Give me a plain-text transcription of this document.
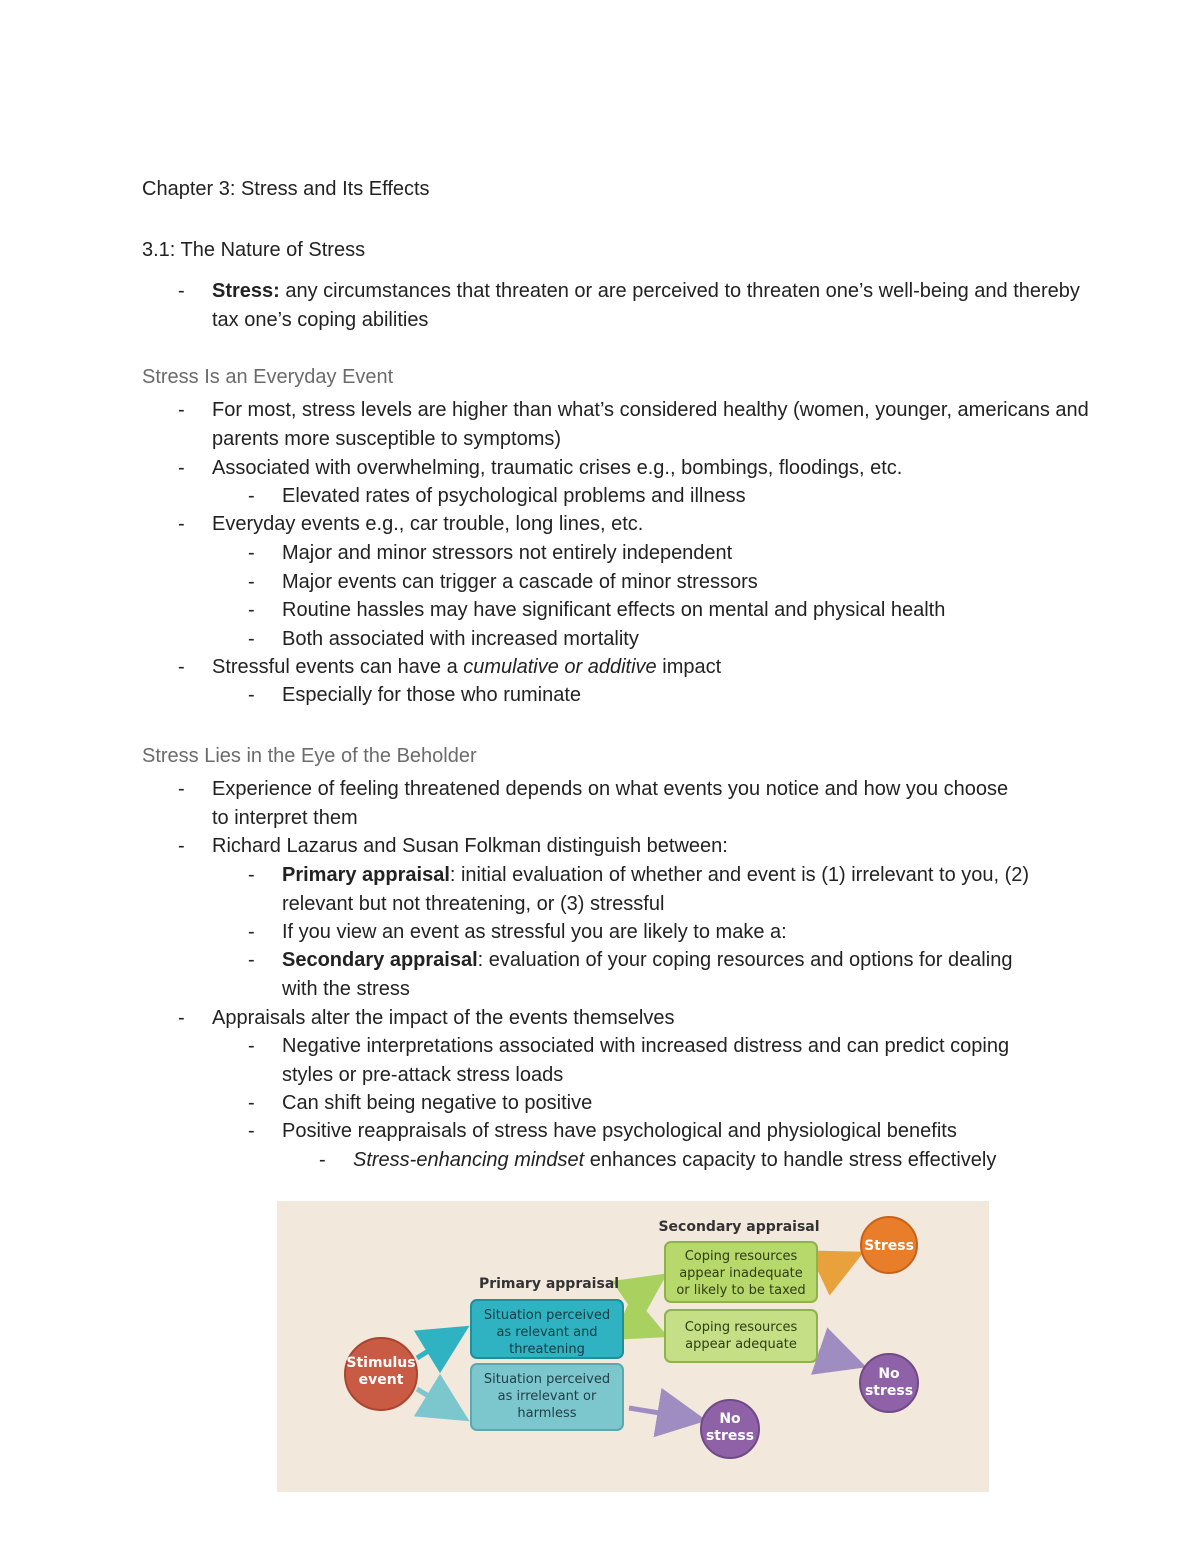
Chapter 3: Stress and Its Effects
3.1: The Nature of Stress

- Stress: any circumstances that threaten or are perceived to threaten one’s well-being and thereby tax one’s coping abilities

Stress Is an Everyday Event

- For most, stress levels are higher than what’s considered healthy (women, younger, americans and parents more susceptible to symptoms)

- Associated with overwhelming, traumatic crises e.g., bombings, floodings, etc.

- Elevated rates of psychological problems and illness

- Everyday events e.g., car trouble, long lines, etc.

- Major and minor stressors not entirely independent

- Major events can trigger a cascade of minor stressors

- Routine hassles may have significant effects on mental and physical health

- Both associated with increased mortality

- Stressful events can have a cumulative or additive impact

- Especially for those who ruminate

Stress Lies in the Eye of the Beholder

- Experience of feeling threatened depends on what events you notice and how you choose to interpret them

- Richard Lazarus and Susan Folkman distinguish between:

- Primary appraisal: initial evaluation of whether and event is (1) irrelevant to you, (2) relevant but not threatening, or (3) stressful

- If you view an event as stressful you are likely to make a:

- Secondary appraisal: evaluation of your coping resources and options for dealing with the stress

- Appraisals alter the impact of the events themselves

- Negative interpretations associated with increased distress and can predict coping styles or pre-attack stress loads

- Can shift being negative to positive

- Positive reappraisals of stress have psychological and physiological benefits

- Stress-enhancing mindset enhances capacity to handle stress effectively

Stimulus
event
Primary appraisal
Situation perceived
as relevant and
threatening
Situation perceived
as irrelevant or
harmless
Secondary appraisal
Coping resources
appear inadequate
or likely to be taxed
Coping resources
appear adequate
Stress
No
stress
No
stress
